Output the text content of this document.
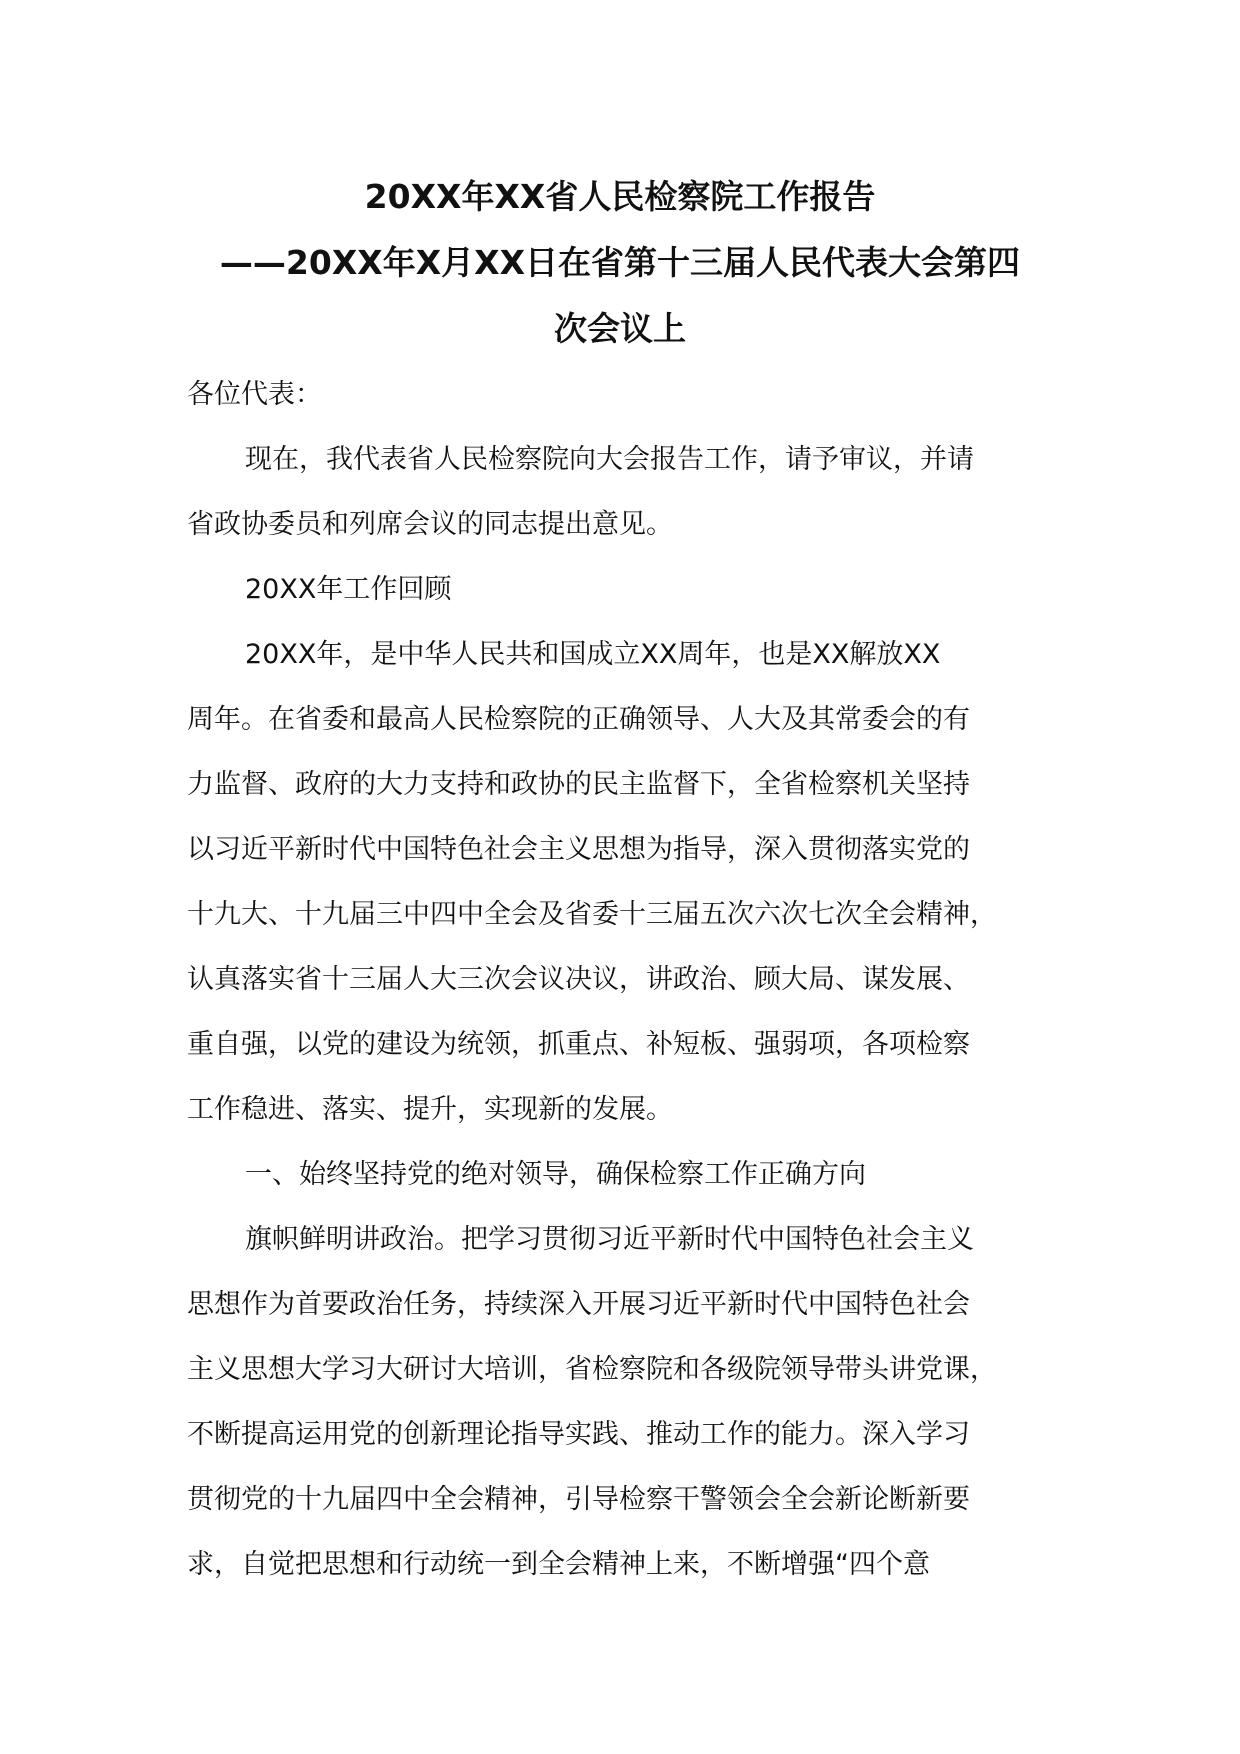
20XX年XX省人民检察院工作报告
——20XX年X月XX日在省第十三届人民代表大会第四
次会议上
各位代表：
现在，我代表省人民检察院向大会报告工作，请予审议，并请
省政协委员和列席会议的同志提出意见。
20XX年工作回顾
20XX年，是中华人民共和国成立XX周年，也是XX解放XX
周年。在省委和最高人民检察院的正确领导、人大及其常委会的有
力监督、政府的大力支持和政协的民主监督下，全省检察机关坚持
以习近平新时代中国特色社会主义思想为指导，深入贯彻落实党的
十九大、十九届三中四中全会及省委十三届五次六次七次全会精神，
认真落实省十三届人大三次会议决议，讲政治、顾大局、谋发展、
重自强，以党的建设为统领，抓重点、补短板、强弱项，各项检察
工作稳进、落实、提升，实现新的发展。
一、始终坚持党的绝对领导，确保检察工作正确方向
旗帜鲜明讲政治。把学习贯彻习近平新时代中国特色社会主义
思想作为首要政治任务，持续深入开展习近平新时代中国特色社会
主义思想大学习大研讨大培训，省检察院和各级院领导带头讲党课，
不断提高运用党的创新理论指导实践、推动工作的能力。深入学习
贯彻党的十九届四中全会精神，引导检察干警领会全会新论断新要
求，自觉把思想和行动统一到全会精神上来，不断增强“四个意
